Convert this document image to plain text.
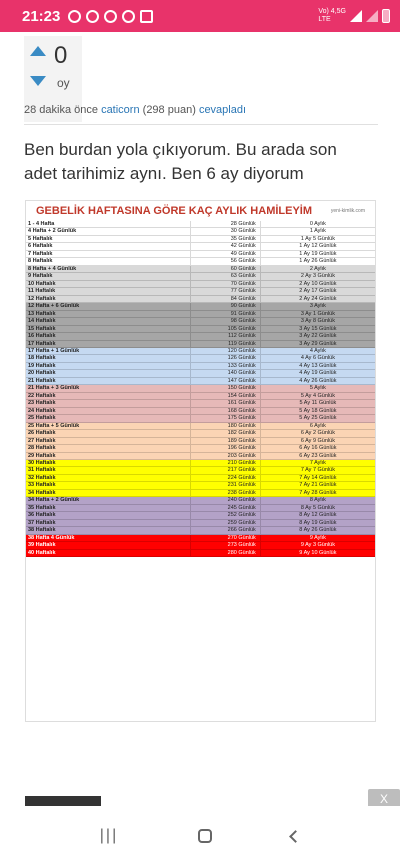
21:23	Vo) 4,5G
LTE
0
oy
28 dakika önce caticorn (298 puan) cevapladı
Ben burdan yola çıkıyorum. Bu arada son adet tarihimiz aynı. Ben 6 ay diyorum
GEBELİK HAFTASINA GÖRE KAÇ AYLIK HAMİLEYİM	yeni-kimlik.com
1 - 4 Hafta	28 Günlük	0 Aylık
4 Hafta + 2 Günlük	30 Günlük	1 Aylık
5 Haftalık	35 Günlük	1 Ay 5 Günlük
6 Haftalık	42 Günlük	1 Ay 12 Günlük
7 Haftalık	49 Günlük	1 Ay 19 Günlük
8 Haftalık	56 Günlük	1 Ay 26 Günlük
8 Hafta + 4 Günlük	60 Günlük	2 Aylık
9 Haftalık	63 Günlük	2 Ay 3 Günlük
10 Haftalık	70 Günlük	2 Ay 10 Günlük
11 Haftalık	77 Günlük	2 Ay 17 Günlük
12 Haftalık	84 Günlük	2 Ay 24 Günlük
12 Hafta + 6 Günlük	90 Günlük	3 Aylık
13 Haftalık	91 Günlük	3 Ay 1 Günlük
14 Haftalık	98 Günlük	3 Ay 8 Günlük
15 Haftalık	105 Günlük	3 Ay 15 Günlük
16 Haftalık	112 Günlük	3 Ay 22 Günlük
17 Haftalık	119 Günlük	3 Ay 29 Günlük
17 Hafta + 1 Günlük	120 Günlük	4 Aylık
18 Haftalık	126 Günlük	4 Ay 6 Günlük
19 Haftalık	133 Günlük	4 Ay 13 Günlük
20 Haftalık	140 Günlük	4 Ay 19 Günlük
21 Haftalık	147 Günlük	4 Ay 26 Günlük
21 Hafta + 3 Günlük	150 Günlük	5 Aylık
22 Haftalık	154 Günlük	5 Ay 4 Günlük
23 Haftalık	161 Günlük	5 Ay 11 Günlük
24 Haftalık	168 Günlük	5 Ay 18 Günlük
25 Haftalık	175 Günlük	5 Ay 25 Günlük
25 Hafta + 5 Günlük	180 Günlük	6 Aylık
26 Haftalık	182 Günlük	6 Ay 2 Günlük
27 Haftalık	189 Günlük	6 Ay 9 Günlük
28 Haftalık	196 Günlük	6 Ay 16 Günlük
29 Haftalık	203 Günlük	6 Ay 23 Günlük
30 Haftalık	210 Günlük	7 Aylık
31 Haftalık	217 Günlük	7 Ay 7 Günlük
32 Haftalık	224 Günlük	7 Ay 14 Günlük
33 Haftalık	231 Günlük	7 Ay 21 Günlük
34 Haftalık	238 Günlük	7 Ay 28 Günlük
34 Hafta + 2 Günlük	240 Günlük	8 Aylık
35 Haftalık	245 Günlük	8 Ay 5 Günlük
36 Haftalık	252 Günlük	8 Ay 12 Günlük
37 Haftalık	259 Günlük	8 Ay 19 Günlük
38 Haftalık	266 Günlük	8 Ay 26 Günlük
38 Hafta 4 Günlük	270 Günlük	9 Aylık
39 Haftalık	273 Günlük	9 Ay 3 Günlük
40 Haftalık	280 Günlük	9 Ay 10 Günlük
X
|||
